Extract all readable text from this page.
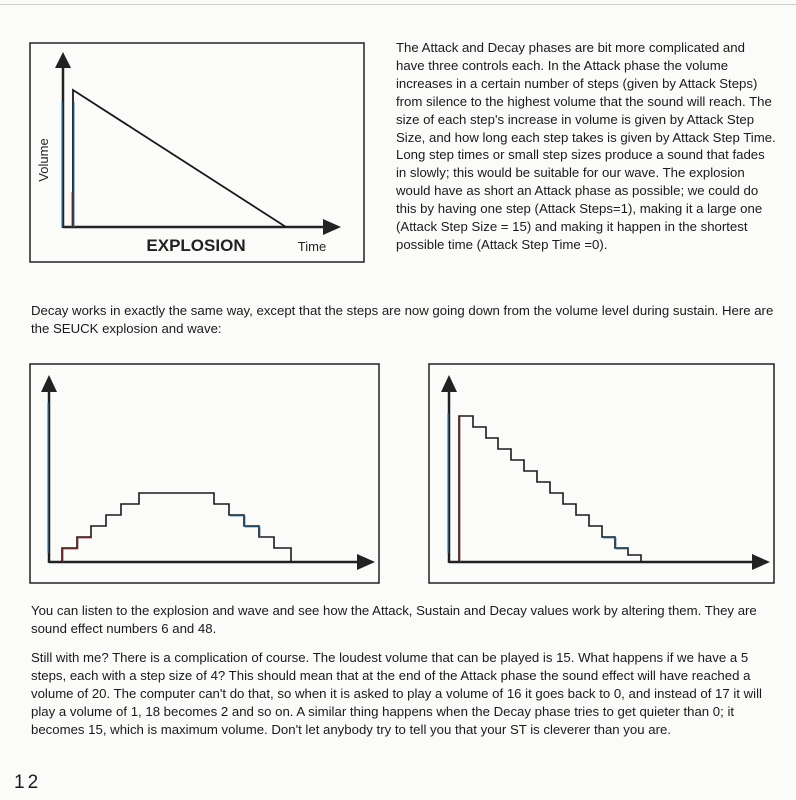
Volume
EXPLOSION	Time

The Attack and Decay phases are bit more complicated and have three controls each. In the Attack phase the volume increases in a certain number of steps (given by Attack Steps) from silence to the highest volume that the sound will reach. The size of each step's increase in volume is given by Attack Step Size, and how long each step takes is given by Attack Step Time. Long step times or small step sizes produce a sound that fades in slowly; this would be suitable for our wave. The explosion would have as short an Attack phase as possible; we could do this by having one step (Attack Steps=1), making it a large one (Attack Step Size = 15) and making it happen in the shortest possible time (Attack Step Time =0).

Decay works in exactly the same way, except that the steps are now going down from the volume level during sustain. Here are the SEUCK explosion and wave:

You can listen to the explosion and wave and see how the Attack, Sustain and Decay values work by altering them. They are sound effect numbers 6 and 48.

Still with me? There is a complication of course. The loudest volume that can be played is 15. What happens if we have a 5 steps, each with a step size of 4? This should mean that at the end of the Attack phase the sound effect will have reached a volume of 20. The computer can't do that, so when it is asked to play a volume of 16 it goes back to 0, and instead of 17 it will play a volume of 1, 18 becomes 2 and so on. A similar thing happens when the Decay phase tries to get quieter than 0; it becomes 15, which is maximum volume. Don't let anybody try to tell you that your ST is cleverer than you are.

12
